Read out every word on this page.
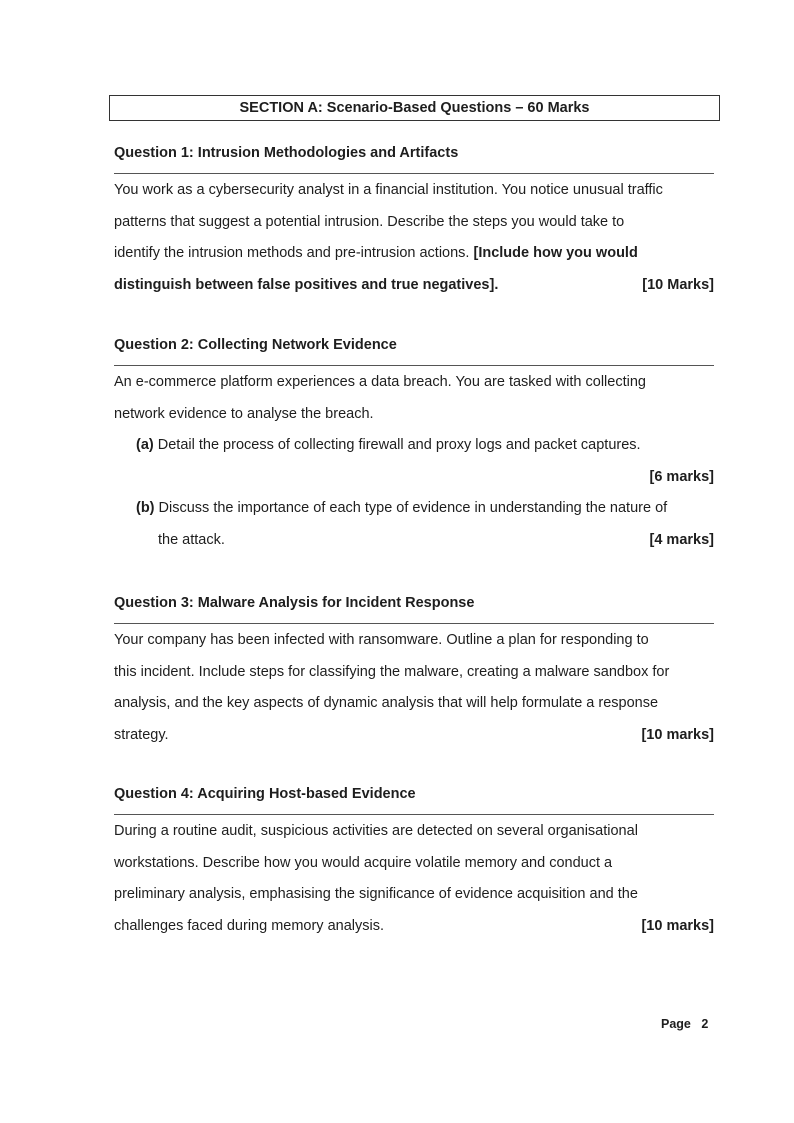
SECTION A: Scenario-Based Questions – 60 Marks
Question 1: Intrusion Methodologies and Artifacts
You work as a cybersecurity analyst in a financial institution. You notice unusual traffic
patterns that suggest a potential intrusion. Describe the steps you would take to
identify the intrusion methods and pre-intrusion actions. [Include how you would
distinguish between false positives and true negatives].	[10 Marks]
Question 2: Collecting Network Evidence
An e-commerce platform experiences a data breach. You are tasked with collecting
network evidence to analyse the breach.
(a) Detail the process of collecting firewall and proxy logs and packet captures.
[6 marks]
(b) Discuss the importance of each type of evidence in understanding the nature of
the attack.	[4 marks]
Question 3: Malware Analysis for Incident Response
Your company has been infected with ransomware. Outline a plan for responding to
this incident. Include steps for classifying the malware, creating a malware sandbox for
analysis, and the key aspects of dynamic analysis that will help formulate a response
strategy.	[10 marks]
Question 4: Acquiring Host-based Evidence
During a routine audit, suspicious activities are detected on several organisational
workstations. Describe how you would acquire volatile memory and conduct a
preliminary analysis, emphasising the significance of evidence acquisition and the
challenges faced during memory analysis.	[10 marks]
Page 2
